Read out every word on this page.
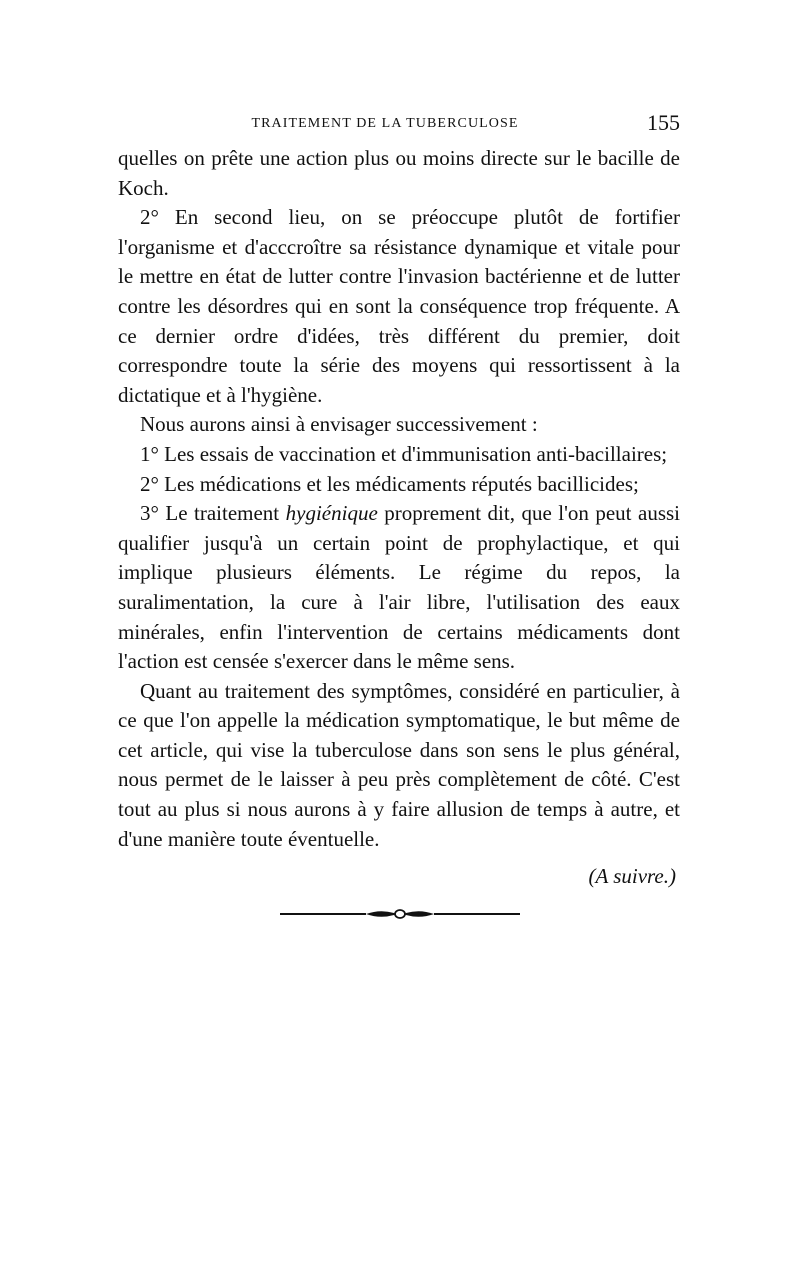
TRAITEMENT DE LA TUBERCULOSE	155

quelles on prête une action plus ou moins directe sur le bacille de Koch.

2° En second lieu, on se préoccupe plutôt de fortifier l'organisme et d'acccroître sa résistance dynamique et vitale pour le mettre en état de lutter contre l'invasion bactérienne et de lutter contre les désordres qui en sont la conséquence trop fréquente. A ce dernier ordre d'idées, très différent du premier, doit correspondre toute la série des moyens qui ressortissent à la dictatique et à l'hygiène.

Nous aurons ainsi à envisager successivement :

1° Les essais de vaccination et d'immunisation anti-bacillaires;

2° Les médications et les médicaments réputés bacillicides;

3° Le traitement hygiénique proprement dit, que l'on peut aussi qualifier jusqu'à un certain point de prophylactique, et qui implique plusieurs éléments. Le régime du repos, la suralimentation, la cure à l'air libre, l'utilisation des eaux minérales, enfin l'intervention de certains médicaments dont l'action est censée s'exercer dans le même sens.

Quant au traitement des symptômes, considéré en particulier, à ce que l'on appelle la médication symptomatique, le but même de cet article, qui vise la tuberculose dans son sens le plus général, nous permet de le laisser à peu près complètement de côté. C'est tout au plus si nous aurons à y faire allusion de temps à autre, et d'une manière toute éventuelle.

(A suivre.)
